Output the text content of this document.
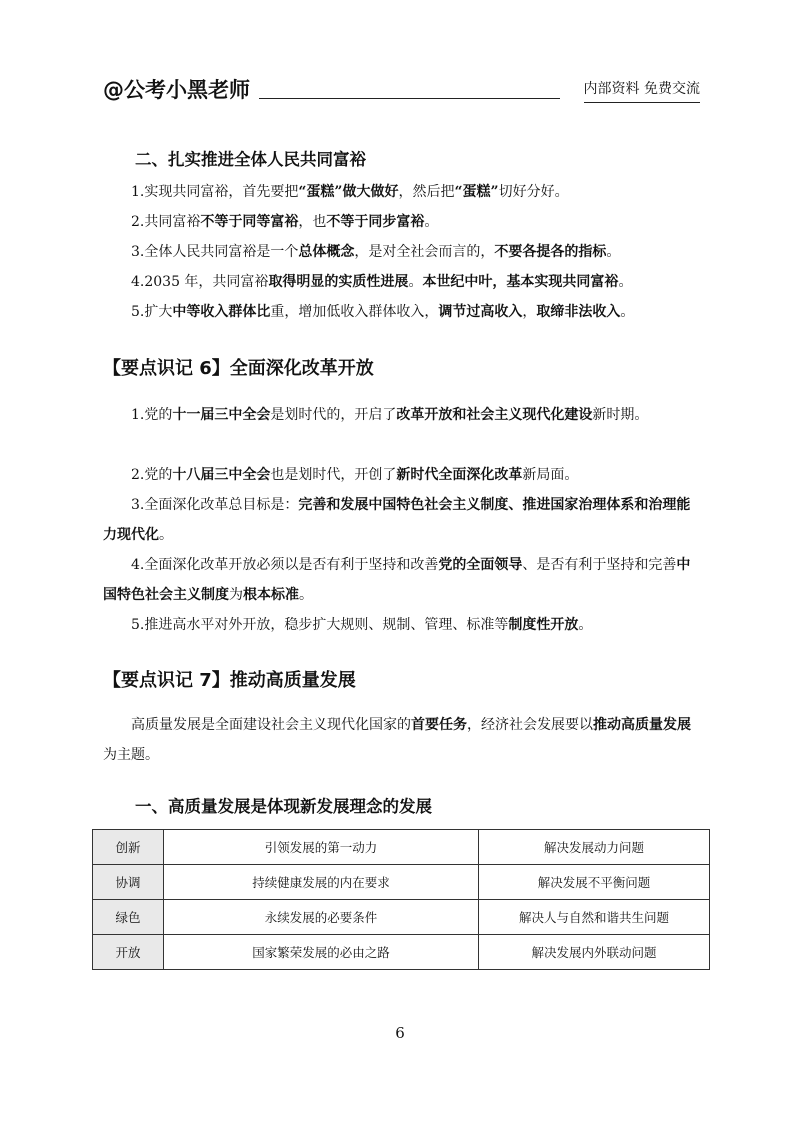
@公考小黑老师	内部资料 免费交流
二、扎实推进全体人民共同富裕
1.实现共同富裕，首先要把“蛋糕”做大做好，然后把“蛋糕”切好分好。
2.共同富裕不等于同等富裕，也不等于同步富裕。
3.全体人民共同富裕是一个总体概念，是对全社会而言的，不要各提各的指标。
4.2035 年，共同富裕取得明显的实质性进展。本世纪中叶，基本实现共同富裕。
5.扩大中等收入群体比重，增加低收入群体收入，调节过高收入，取缔非法收入。
【要点识记 6】全面深化改革开放
1.党的十一届三中全会是划时代的，开启了改革开放和社会主义现代化建设新时期。
2.党的十八届三中全会也是划时代，开创了新时代全面深化改革新局面。
3.全面深化改革总目标是：完善和发展中国特色社会主义制度、推进国家治理体系和治理能力现代化。
4.全面深化改革开放必须以是否有利于坚持和改善党的全面领导、是否有利于坚持和完善中国特色社会主义制度为根本标准。
5.推进高水平对外开放，稳步扩大规则、规制、管理、标准等制度性开放。
【要点识记 7】推动高质量发展
高质量发展是全面建设社会主义现代化国家的首要任务，经济社会发展要以推动高质量发展为主题。
一、高质量发展是体现新发展理念的发展
创新	引领发展的第一动力	解决发展动力问题
协调	持续健康发展的内在要求	解决发展不平衡问题
绿色	永续发展的必要条件	解决人与自然和谐共生问题
开放	国家繁荣发展的必由之路	解决发展内外联动问题
6
